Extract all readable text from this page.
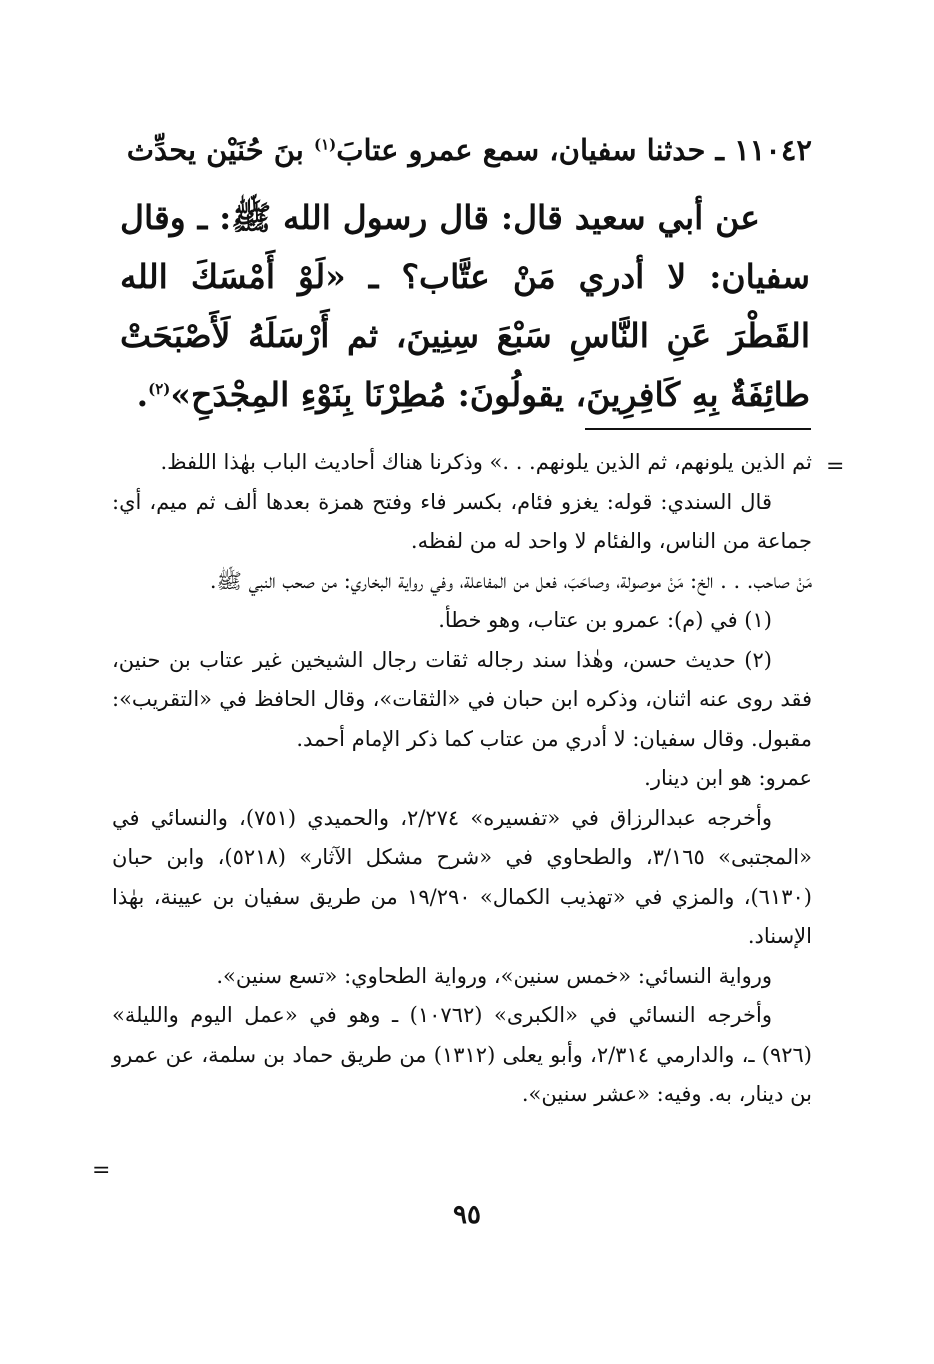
١١٠٤٢ ـ حدثنا سفيان، سمع عمرو عتابَ$^{(١)}$ بنَ حُنَيْن يحدِّث

عن أبي سعيد قال: قال رسول الله ﷺ: ـ وقال سفيان: لا أدري مَنْ عتَّاب؟ ـ «لَوْ أَمْسَكَ الله القَطْرَ عَنِ النَّاسِ سَبْعَ سِنِينَ، ثم أَرْسَلَهُ لَأَصْبَحَتْ طائِفَةٌ بِهِ كَافِرِينَ، يقولُونَ: مُطِرْنَا بِنَوْءِ المِجْدَحِ»$^{(٢)}$.

=

ثم الذين يلونهم، ثم الذين يلونهم. . .» وذكرنا هناك أحاديث الباب بهٰذا اللفظ.

قال السندي: قوله: يغزو فئام، بكسر فاء وفتح همزة بعدها ألف ثم ميم، أي: جماعة من الناس، والفئام لا واحد له من لفظه.

مَنْ صاحب. . . الخ: مَنْ موصولة، وصاحَبَ، فعل من المفاعلة، وفي رواية البخاري: من صحب النبي ﷺ.

(١) في (م): عمرو بن عتاب، وهو خطأ.

(٢) حديث حسن، وهٰذا سند رجاله ثقات رجال الشيخين غير عتاب بن حنين، فقد روى عنه اثنان، وذكره ابن حبان في «الثقات»، وقال الحافظ في «التقريب»: مقبول. وقال سفيان: لا أدري من عتاب كما ذكر الإمام أحمد.

عمرو: هو ابن دينار.

وأخرجه عبدالرزاق في «تفسيره» ٢/٢٧٤، والحميدي (٧٥١)، والنسائي في «المجتبى» ٣/١٦٥، والطحاوي في «شرح مشكل الآثار» (٥٢١٨)، وابن حبان (٦١٣٠)، والمزي في «تهذيب الكمال» ١٩/٢٩٠ من طريق سفيان بن عيينة، بهٰذا الإسناد.

ورواية النسائي: «خمس سنين»، ورواية الطحاوي: «تسع سنين».

وأخرجه النسائي في «الكبرى» (١٠٧٦٢) ـ وهو في «عمل اليوم والليلة» (٩٢٦) ـ، والدارمي ٢/٣١٤، وأبو يعلى (١٣١٢) من طريق حماد بن سلمة، عن عمرو بن دينار، به. وفيه: «عشر سنين».

=
٩٥
